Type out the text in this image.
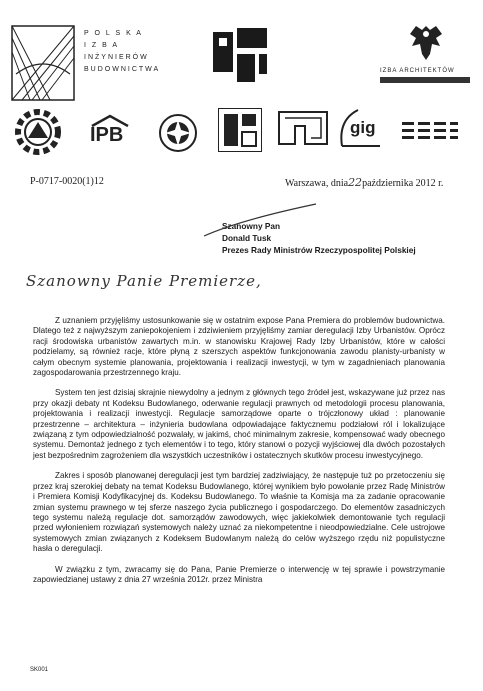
P O L S K A
I Z B A
INŻYNIERÓW
BUDOWNICTWA	IZBA ARCHITEKTÓW
IPB	gig
P-0717-0020(1)12	Warszawa, dnia22października 2012 r.
Szanowny Pan
Donald Tusk
Prezes Rady Ministrów Rzeczypospolitej Polskiej
Szanowny Panie Premierze,

Z uznaniem przyjęliśmy ustosunkowanie się w ostatnim expose Pana Premiera do problemów budownictwa. Dlatego też z najwyższym zaniepokojeniem i zdziwieniem przyjęliśmy zamiar deregulacji Izby Urbanistów. Oprócz racji środowiska urbanistów zawartych m.in. w stanowisku Krajowej Rady Izby Urbanistów, które w całości podzielamy, są również racje, które płyną z szerszych aspektów funkcjonowania zawodu planisty-urbanisty w całym obecnym systemie planowania, projektowania i realizacji inwestycji, w tym w zagadnieniach planowania zagospodarowania przestrzennego kraju.

System ten jest dzisiaj skrajnie niewydolny a jednym z głównych tego źródeł jest, wskazywane już przez nas przy okazji debaty nt Kodeksu Budowlanego, oderwanie regulacji prawnych od metodologii procesu planowania, projektowania i realizacji inwestycji. Regulacje samorządowe oparte o trójczłonowy układ : planowanie przestrzenne – architektura – inżynieria budowlana odpowiadające faktycznemu podziałowi ról i lokalizujące związaną z tym odpowiedzialność pozwalały, w jakimś, choć minimalnym zakresie, kompensować wady obecnego systemu. Demontaż jednego z tych elementów i to tego, który stanowi o pozycji wyjściowej dla dwóch pozostałych jest bezpośrednim zagrożeniem dla wszystkich uczestników i ostatecznych skutków procesu inwestycyjnego.

Zakres i sposób planowanej deregulacji jest tym bardziej zadziwiający, że następuje tuż po przetoczeniu się przez kraj szerokiej debaty na temat Kodeksu Budowlanego, której wynikiem było powołanie przez Radę Ministrów i Premiera Komisji Kodyfikacyjnej ds. Kodeksu Budowlanego. To właśnie ta Komisja ma za zadanie opracowanie zmian systemu prawnego w tej sferze naszego życia publicznego i gospodarczego. Do elementów zasadniczych tego systemu należą regulacje dot. samorządów zawodowych, więc jakiekolwiek demontowanie tych regulacji przed wyłonieniem rozwiązań systemowych należy uznać za niekompetentne i nieodpowiedzialne. Cele ustrojowe systemowych zmian związanych z Kodeksem Budowlanym należą do celów wyższego rzędu niż populistyczne hasła o deregulacji.

W związku z tym, zwracamy się do Pana, Panie Premierze o interwencję w tej sprawie i powstrzymanie zapowiedzianej ustawy z dnia 27 września 2012r. przez Ministra

SK001
